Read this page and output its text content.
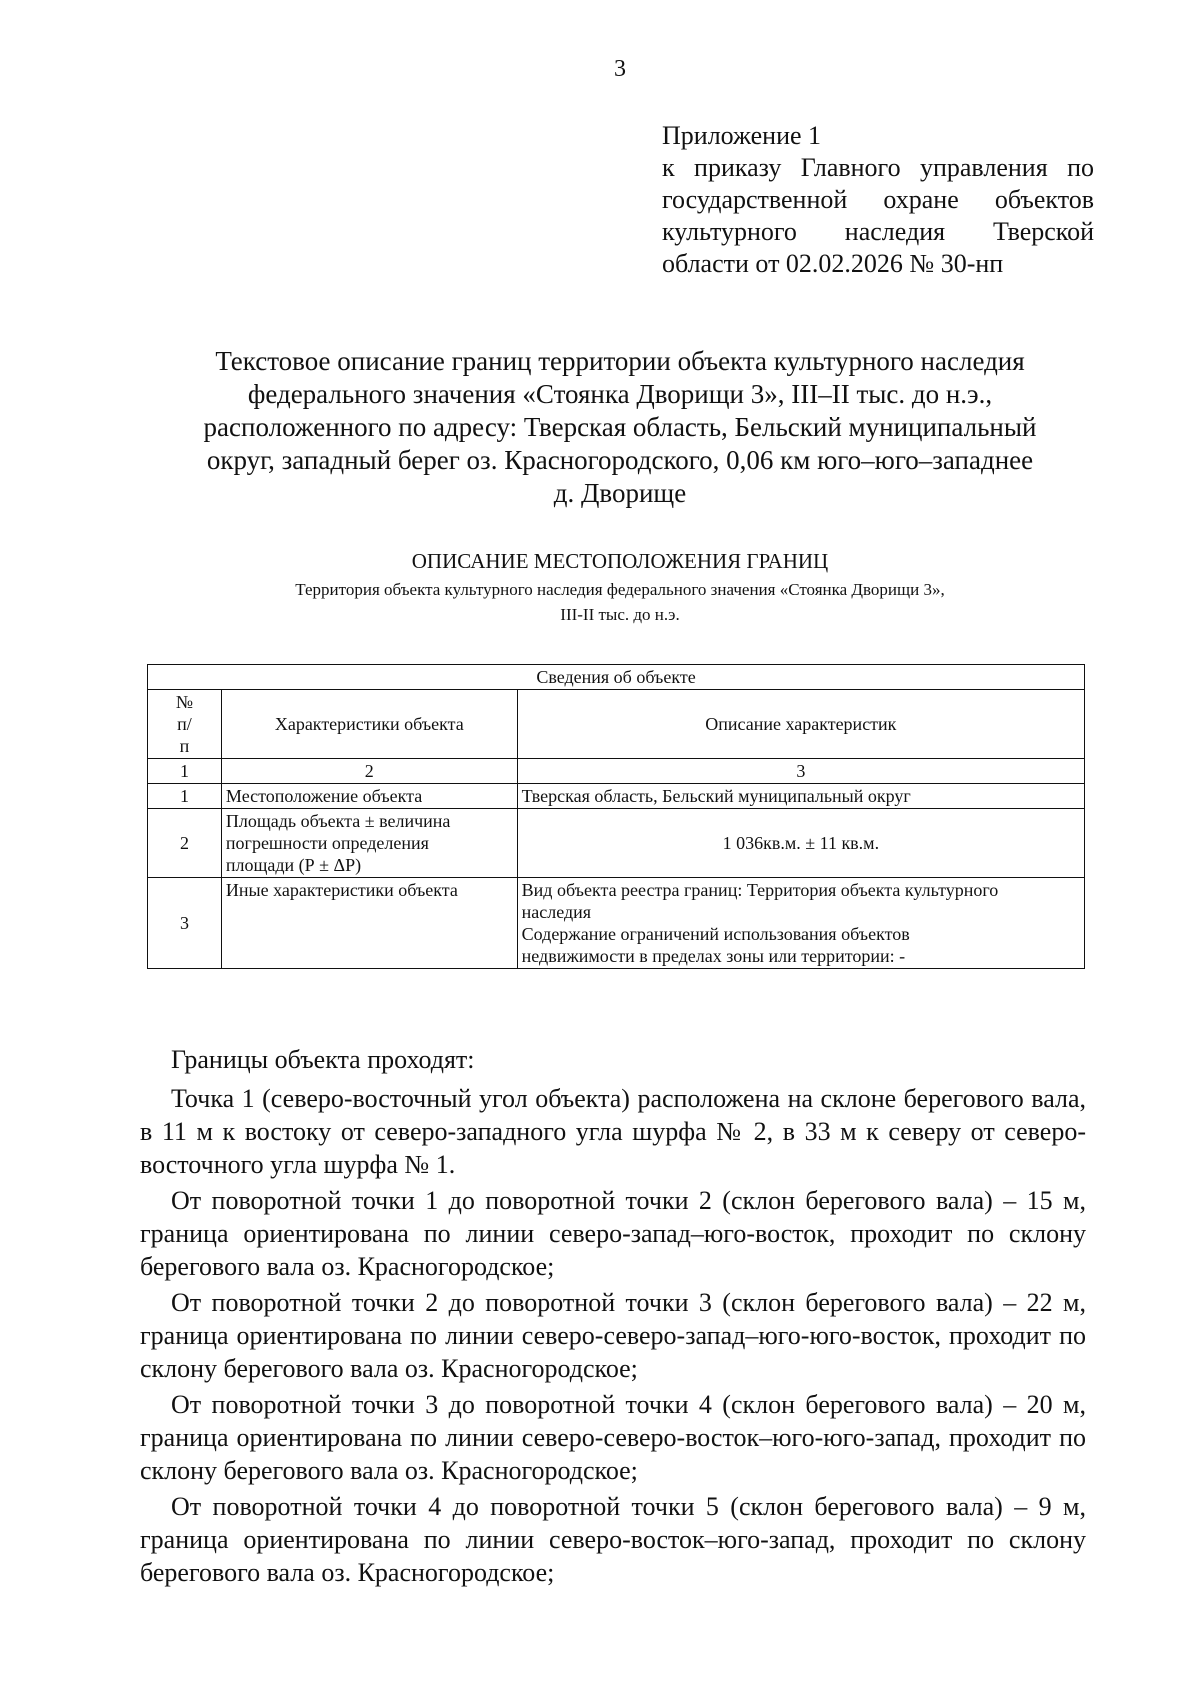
3
Приложение 1
к приказу Главного управления по
государственной охране объектов
культурного наследия Тверской
области от 02.02.2026 № 30-нп
Текстовое описание границ территории объекта культурного наследия
федерального значения «Стоянка Дворищи 3», III–II тыс. до н.э.,
расположенного по адресу: Тверская область, Бельский муниципальный
округ, западный берег оз. Красногородского, 0,06 км юго–юго–западнее
д. Дворище
ОПИСАНИЕ МЕСТОПОЛОЖЕНИЯ ГРАНИЦ
Территория объекта культурного наследия федерального значения «Стоянка Дворищи 3»,
III-II тыс. до н.э.
Сведения об объекте		

№
п/
п	Характеристики объекта	Описание характеристик
1	2	3
1	Местоположение объекта	Тверская область, Бельский муниципальный округ
2	Площадь объекта ± величина
погрешности определения
площади (Р ± ΔР)	1 036кв.м. ± 11 кв.м.
3	Иные характеристики объекта	Вид объекта реестра границ: Территория объекта культурного
наследия
Содержание ограничений использования объектов
недвижимости в пределах зоны или территории: -

Границы объекта проходят:

Точка 1 (северо-восточный угол объекта) расположена на склоне берегового вала, в 11 м к востоку от северо-западного угла шурфа № 2, в 33 м к северу от северо-восточного угла шурфа № 1.

От поворотной точки 1 до поворотной точки 2 (склон берегового вала) – 15 м, граница ориентирована по линии северо-запад–юго-восток, проходит по склону берегового вала оз. Красногородское;

От поворотной точки 2 до поворотной точки 3 (склон берегового вала) – 22 м, граница ориентирована по линии северо-северо-запад–юго-юго-восток, проходит по склону берегового вала оз. Красногородское;

От поворотной точки 3 до поворотной точки 4 (склон берегового вала) – 20 м, граница ориентирована по линии северо-северо-восток–юго-юго-запад, проходит по склону берегового вала оз. Красногородское;

От поворотной точки 4 до поворотной точки 5 (склон берегового вала) – 9 м, граница ориентирована по линии северо-восток–юго-запад, проходит по склону берегового вала оз. Красногородское;
